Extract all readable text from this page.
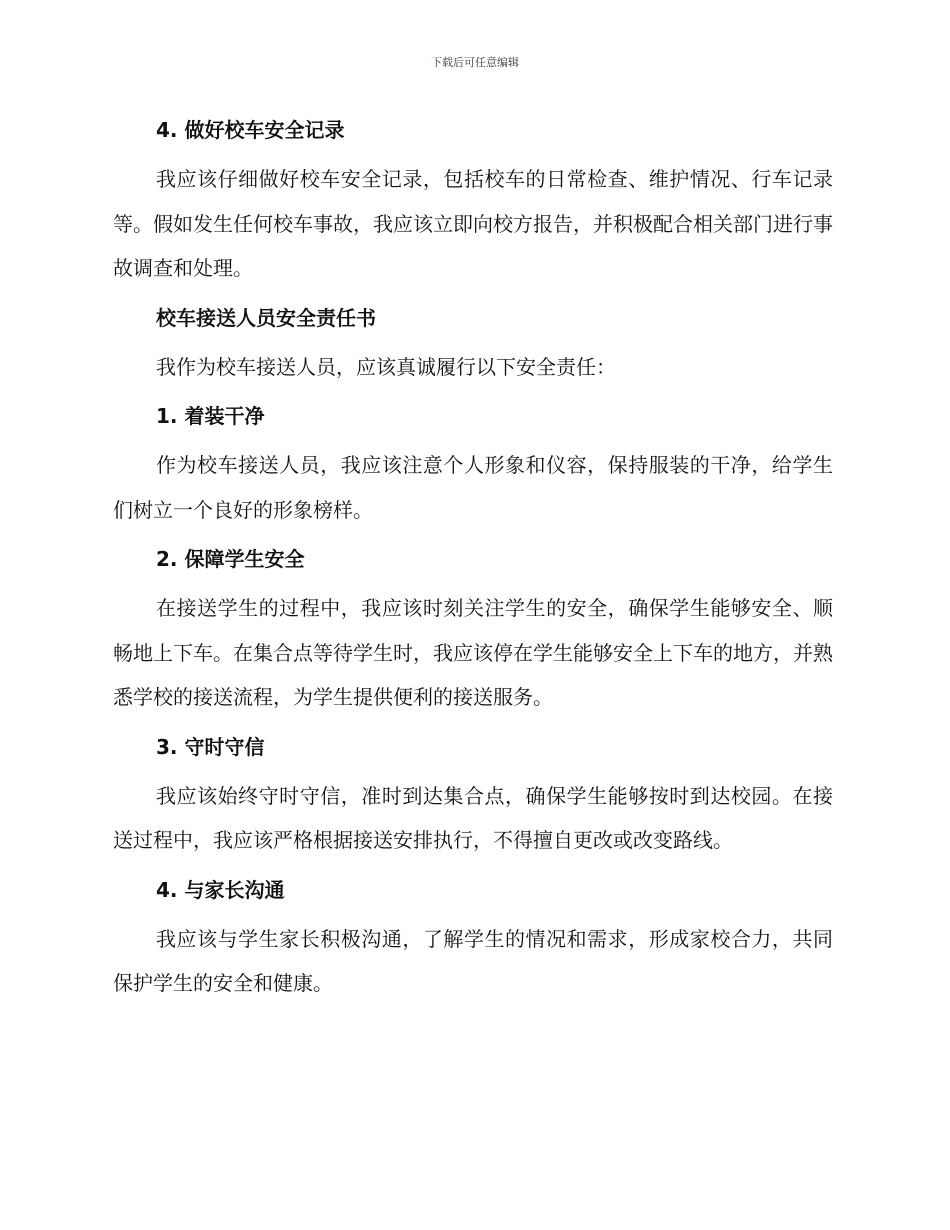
下载后可任意编辑

4. 做好校车安全记录

我应该仔细做好校车安全记录，包括校车的日常检查、维护情况、行车记录等。假如发生任何校车事故，我应该立即向校方报告，并积极配合相关部门进行事故调查和处理。

校车接送人员安全责任书

我作为校车接送人员，应该真诚履行以下安全责任：

1. 着装干净

作为校车接送人员，我应该注意个人形象和仪容，保持服装的干净，给学生们树立一个良好的形象榜样。

2. 保障学生安全

在接送学生的过程中，我应该时刻关注学生的安全，确保学生能够安全、顺畅地上下车。在集合点等待学生时，我应该停在学生能够安全上下车的地方，并熟悉学校的接送流程，为学生提供便利的接送服务。

3. 守时守信

我应该始终守时守信，准时到达集合点，确保学生能够按时到达校园。在接送过程中，我应该严格根据接送安排执行，不得擅自更改或改变路线。

4. 与家长沟通

我应该与学生家长积极沟通，了解学生的情况和需求，形成家校合力，共同保护学生的安全和健康。
